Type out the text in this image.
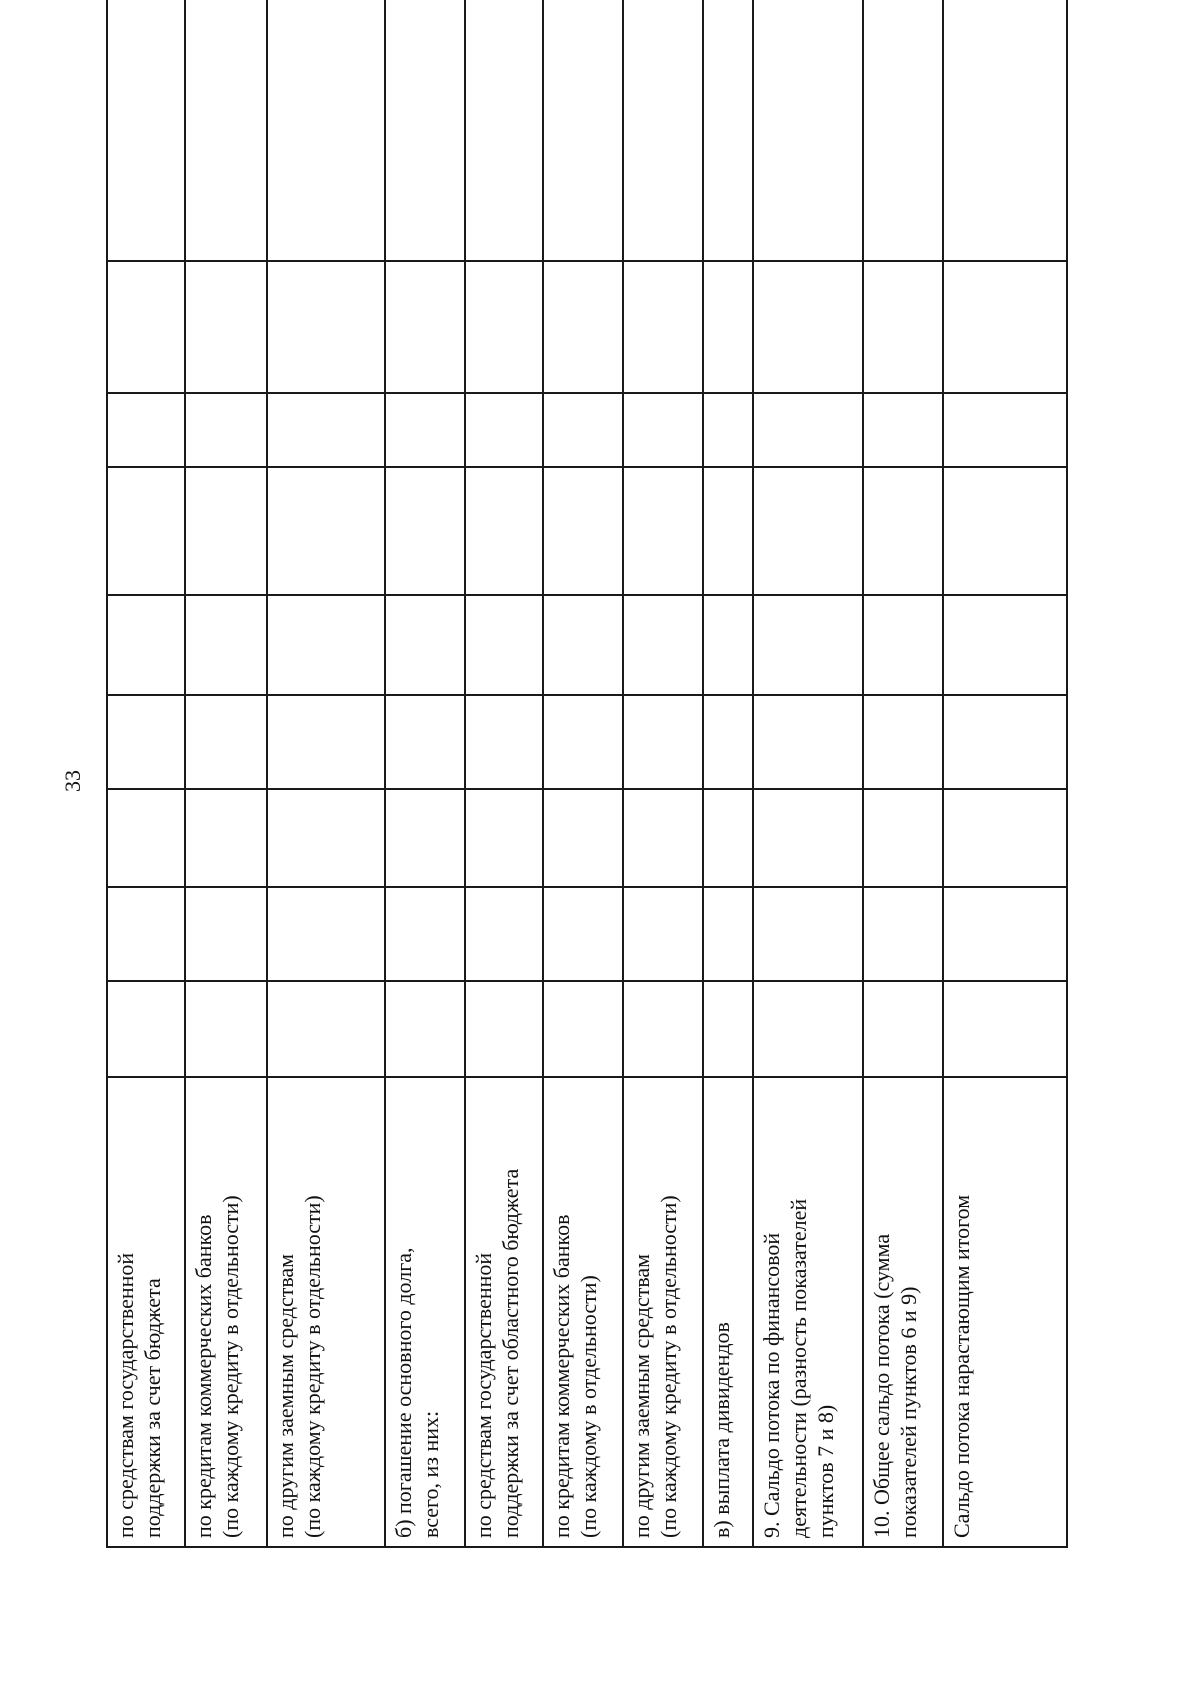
33
по средствам государственной
поддержки за счет бюджета									

по кредитам коммерческих банков
(по каждому кредиту в отдельности)									

по другим заемным средствам
(по каждому кредиту в отдельности)									

б) погашение основного долга,
всего, из них:									

по средствам государственной
поддержки за счет областного бюджета									

по кредитам коммерческих банков
(по каждому в отдельности)									

по другим заемным средствам
(по каждому кредиту в отдельности)									

в) выплата дивидендов									

9. Сальдо потока по финансовой
деятельности (разность показателей
пунктов 7 и 8)									

10. Общее сальдо потока (сумма
показателей пунктов 6 и 9)									

Сальдо потока нарастающим итогом									
